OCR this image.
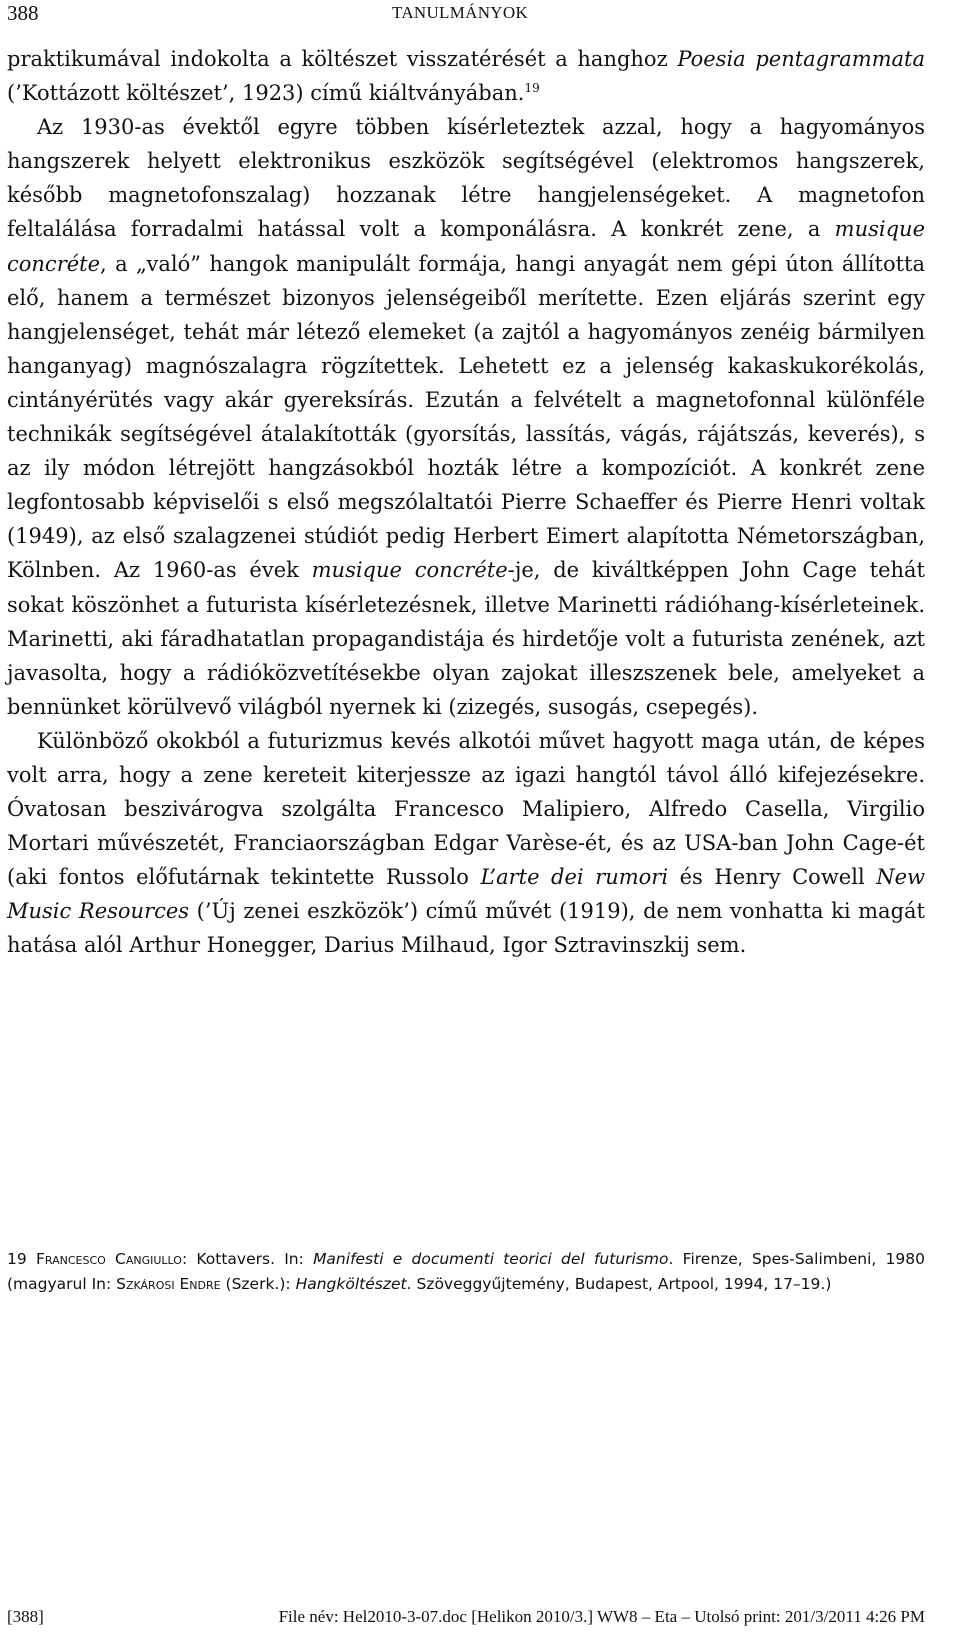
388	TANULMÁNYOK

praktikumával indokolta a költészet visszatérését a hanghoz Poesia pentagrammata (’Kottázott költészet’, 1923) című kiáltványában.$^{19}$

Az 1930-as évektől egyre többen kísérleteztek azzal, hogy a hagyományos hangszerek helyett elektronikus eszközök segítségével (elektromos hangszerek, később magnetofonszalag) hozzanak létre hangjelenségeket. A magnetofon feltalálása forradalmi hatással volt a komponálásra. A konkrét zene, a musique concréte, a „való” hangok manipulált formája, hangi anyagát nem gépi úton állította elő, hanem a természet bizonyos jelenségeiből merítette. Ezen eljárás szerint egy hangjelenséget, tehát már létező elemeket (a zajtól a hagyományos zenéig bármilyen hanganyag) magnószalagra rögzítettek. Lehetett ez a jelenség kakaskukorékolás, cintányérütés vagy akár gyereksírás. Ezután a felvételt a magnetofonnal különféle technikák segítségével átalakították (gyorsítás, lassítás, vágás, rájátszás, keverés), s az ily módon létrejött hangzásokból hozták létre a kompozíciót. A konkrét zene legfontosabb képviselői s első megszólaltatói Pierre Schaeffer és Pierre Henri voltak (1949), az első szalagzenei stúdiót pedig Herbert Eimert alapította Németországban, Kölnben. Az 1960-as évek musique concréte-je, de kiváltképpen John Cage tehát sokat köszönhet a futurista kísérletezésnek, illetve Marinetti rádióhang-kísérleteinek. Marinetti, aki fáradhatatlan propagandistája és hirdetője volt a futurista zenének, azt javasolta, hogy a rádióközvetítésekbe olyan zajokat illeszszenek bele, amelyeket a bennünket körülvevő világból nyernek ki (zizegés, susogás, csepegés).

Különböző okokból a futurizmus kevés alkotói művet hagyott maga után, de képes volt arra, hogy a zene kereteit kiterjessze az igazi hangtól távol álló kifejezésekre. Óvatosan beszivárogva szolgálta Francesco Malipiero, Alfredo Casella, Virgilio Mortari művészetét, Franciaországban Edgar Varèse-ét, és az USA-ban John Cage-ét (aki fontos előfutárnak tekintette Russolo L’arte dei rumori és Henry Cowell New Music Resources (’Új zenei eszközök’) című művét (1919), de nem vonhatta ki magát hatása alól Arthur Honegger, Darius Milhaud, Igor Sztravinszkij sem.

19 Francesco Cangiullo: Kottavers. In: Manifesti e documenti teorici del futurismo. Firenze, Spes-Salimbeni, 1980 (magyarul In: Szkárosi Endre (Szerk.): Hangköltészet. Szöveggyűjtemény, Budapest, Artpool, 1994, 17–19.)
[388]	File név: Hel2010-3-07.doc [Helikon 2010/3.] WW8 – Eta – Utolsó print: 201/3/2011 4:26 PM
